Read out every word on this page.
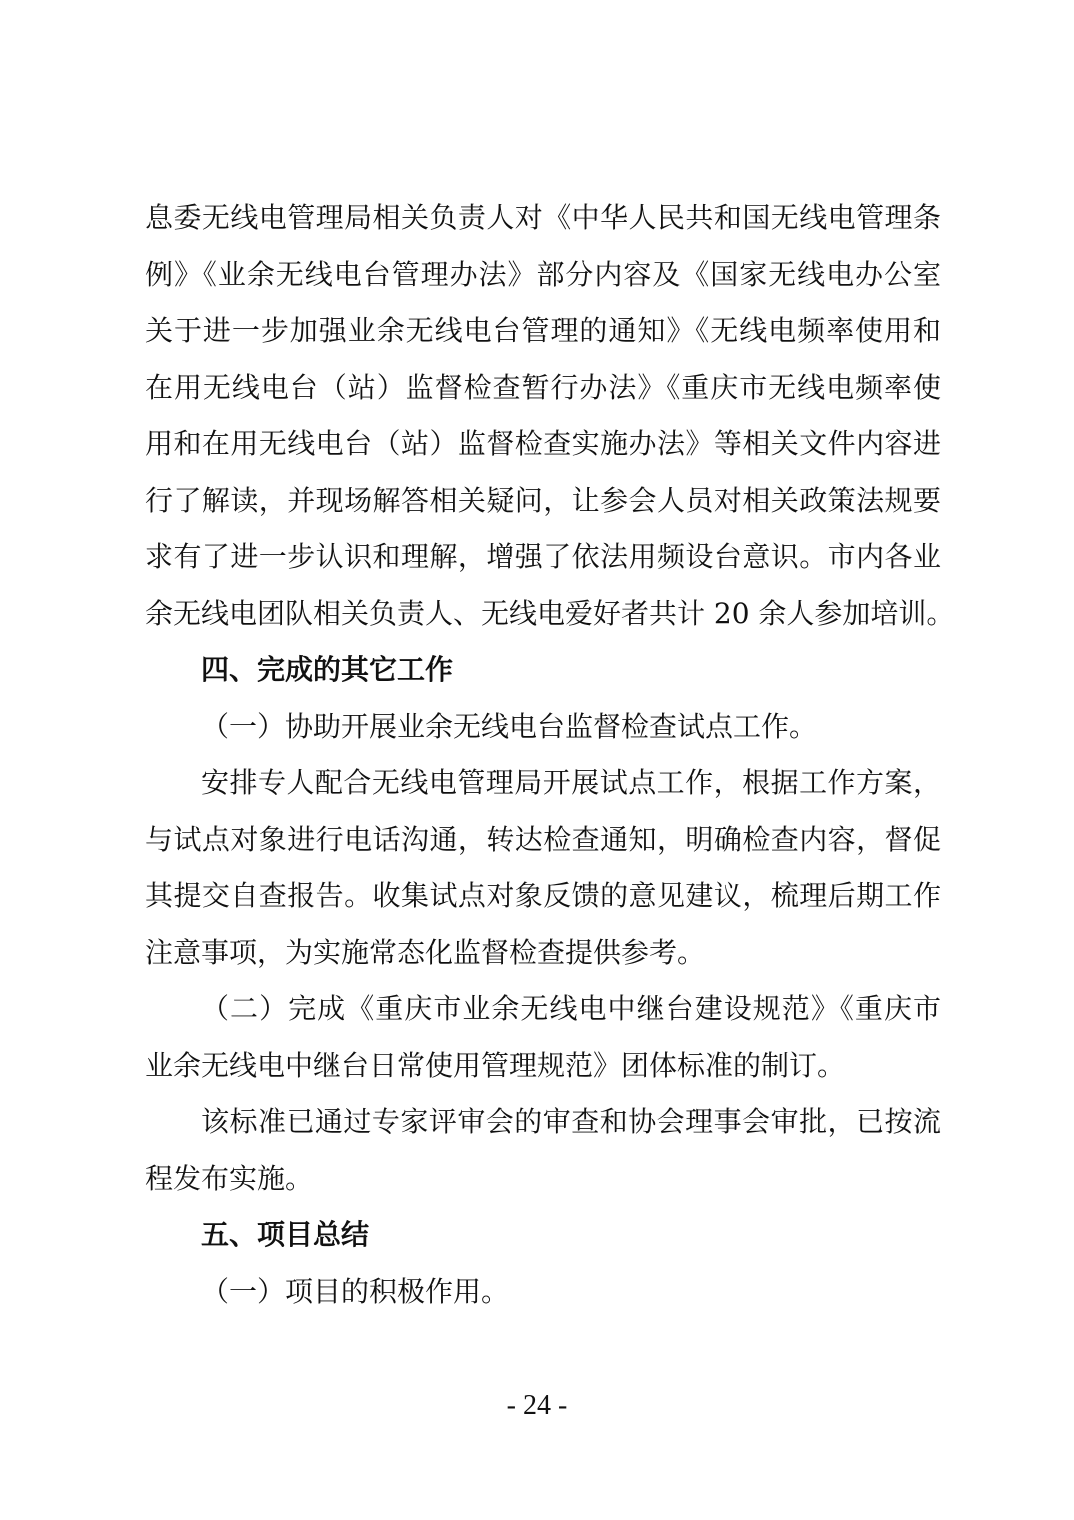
息委无线电管理局相关负责人对《中华人民共和国无线电管理条
例》《业余无线电台管理办法》部分内容及《国家无线电办公室
关于进一步加强业余无线电台管理的通知》《无线电频率使用和
在用无线电台（站）监督检查暂行办法》《重庆市无线电频率使
用和在用无线电台（站）监督检查实施办法》等相关文件内容进
行了解读，并现场解答相关疑问，让参会人员对相关政策法规要
求有了进一步认识和理解，增强了依法用频设台意识。市内各业
余无线电团队相关负责人、无线电爱好者共计 20 余人参加培训。
四、完成的其它工作
（一）协助开展业余无线电台监督检查试点工作。
安排专人配合无线电管理局开展试点工作，根据工作方案，
与试点对象进行电话沟通，转达检查通知，明确检查内容，督促
其提交自查报告。收集试点对象反馈的意见建议，梳理后期工作
注意事项，为实施常态化监督检查提供参考。
（二）完成《重庆市业余无线电中继台建设规范》《重庆市
业余无线电中继台日常使用管理规范》团体标准的制订。
该标准已通过专家评审会的审查和协会理事会审批，已按流
程发布实施。
五、项目总结
（一）项目的积极作用。
- 24 -
